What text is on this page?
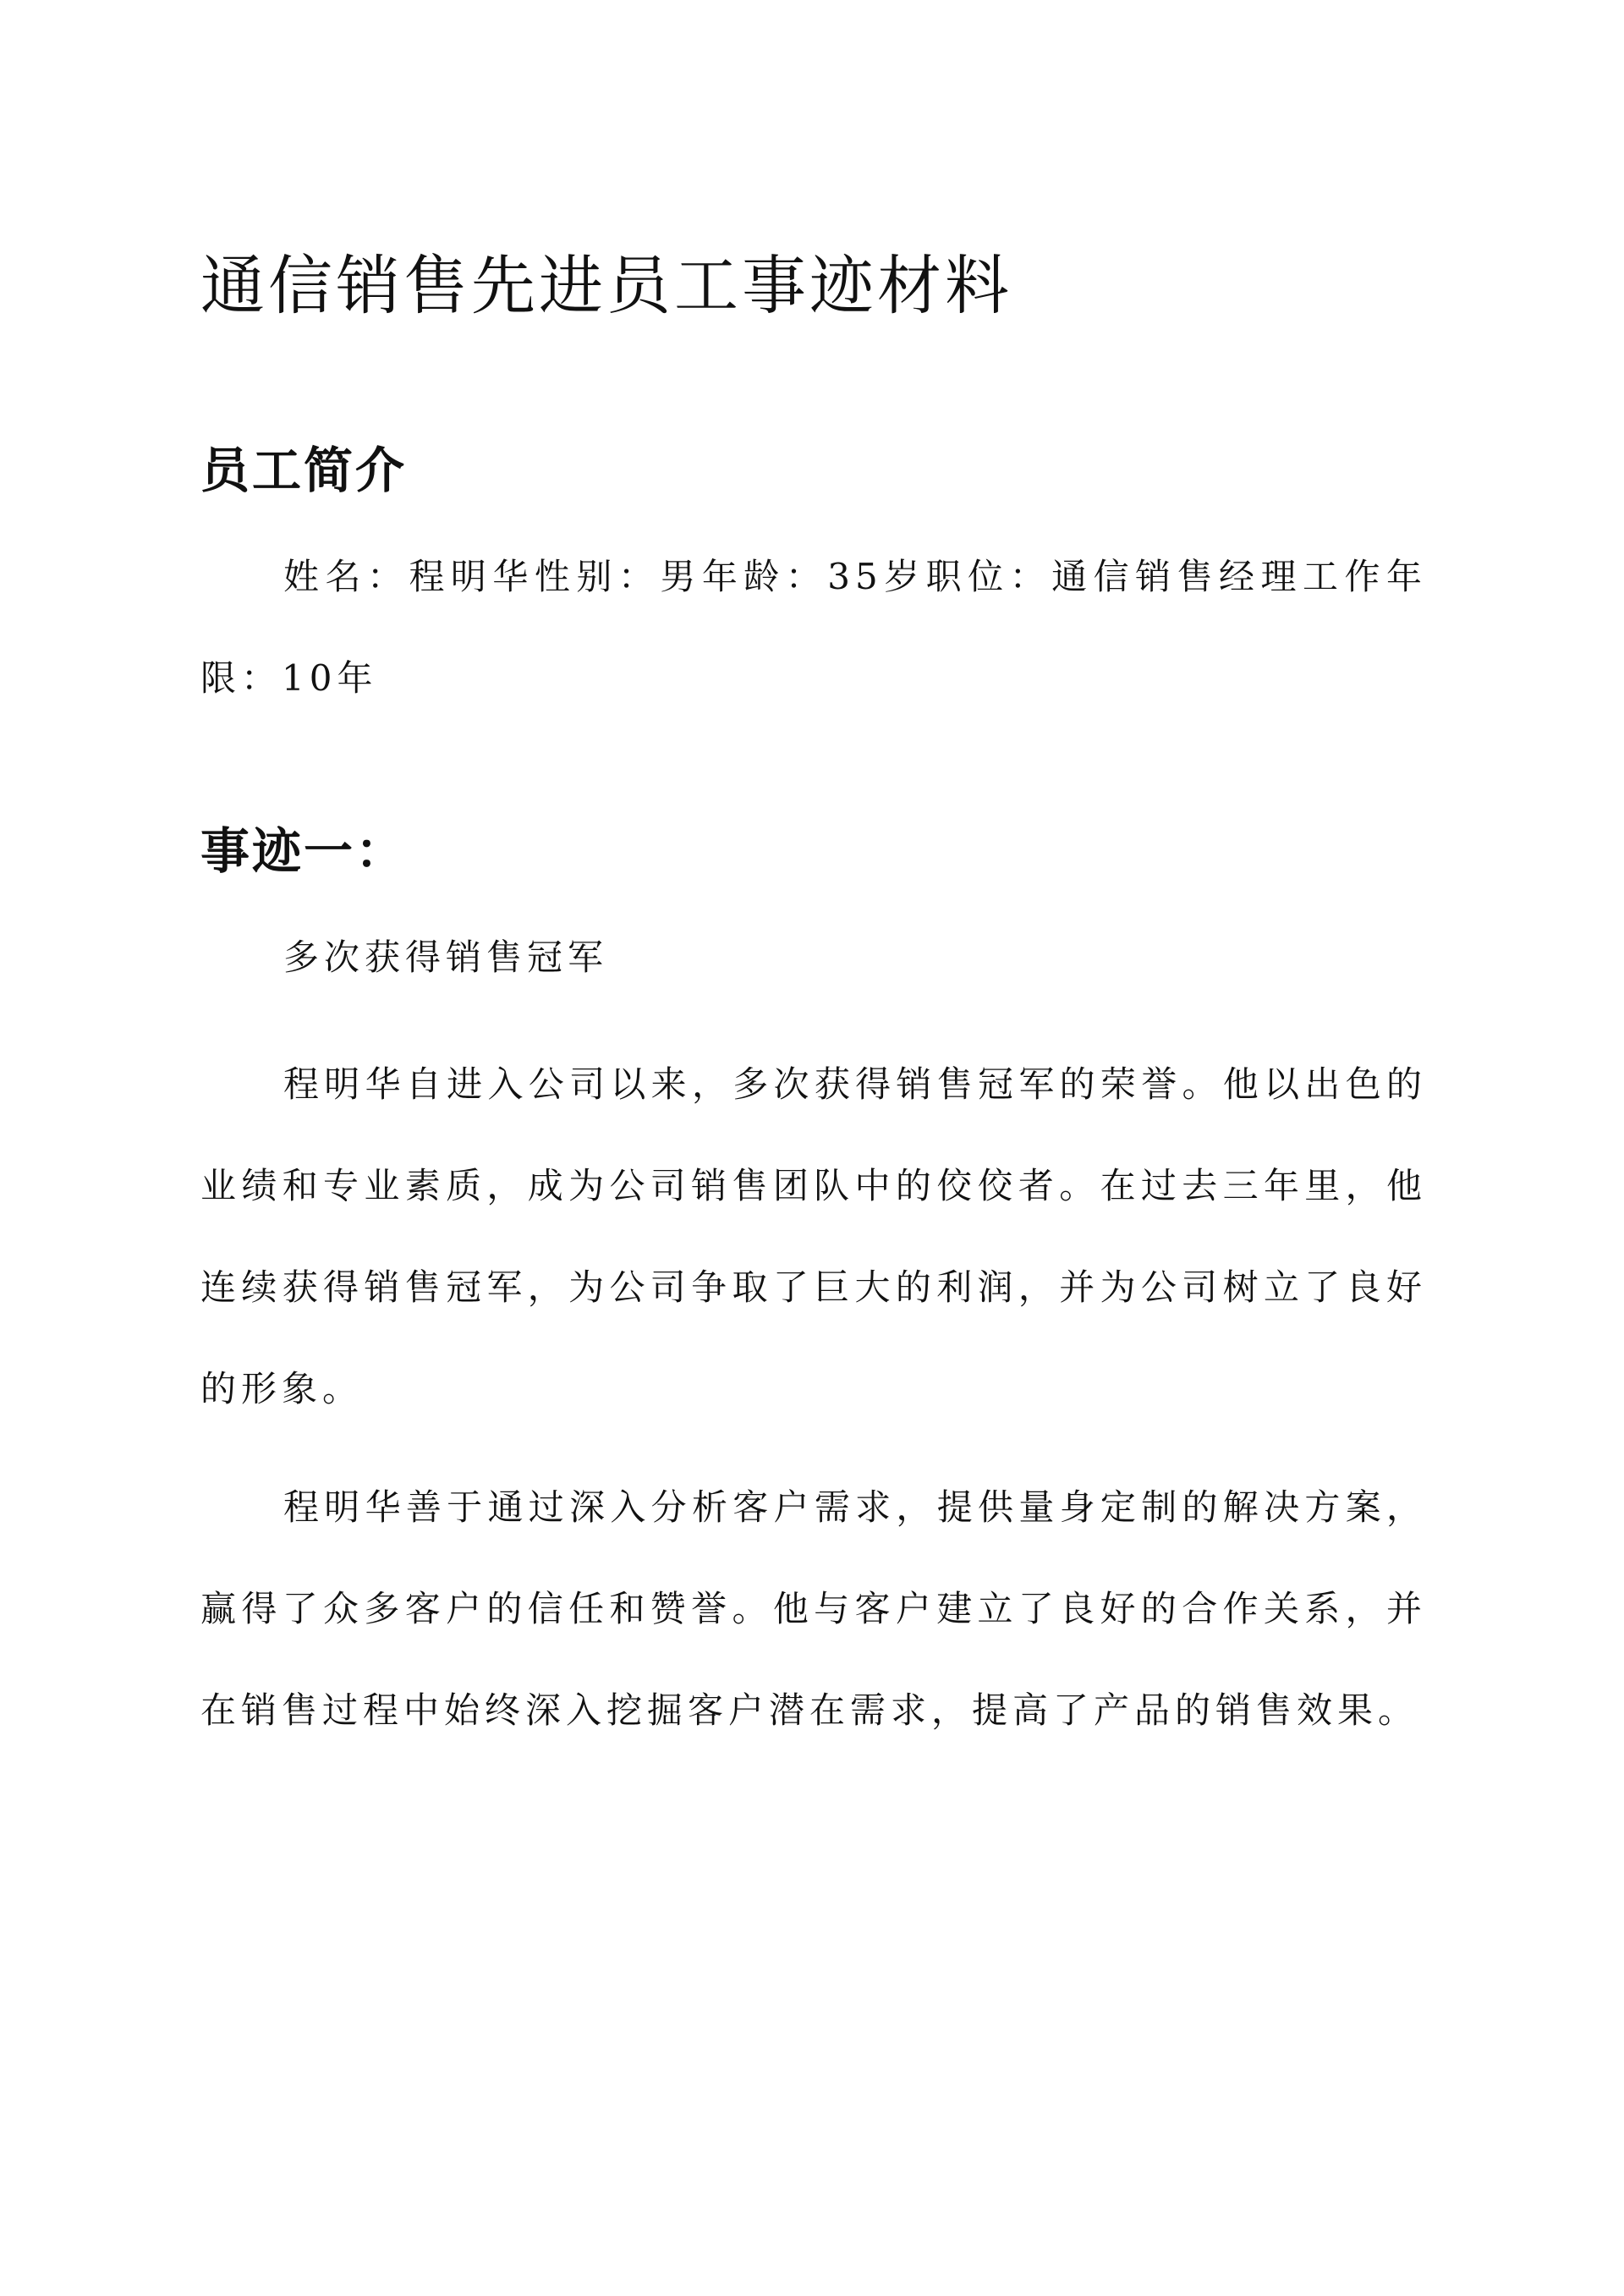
通信销售先进员工事迹材料
员工简介

姓名：程明华性别：男年龄：35岁职位：通信销售经理工作年限：10年

事迹一：

多次获得销售冠军

程明华自进入公司以来，多次获得销售冠军的荣誉。他以出色的业绩和专业素质，成为公司销售团队中的佼佼者。在过去三年里，他连续获得销售冠军，为公司争取了巨大的利润，并为公司树立了良好的形象。

程明华善于通过深入分析客户需求，提供量身定制的解决方案，赢得了众多客户的信任和赞誉。他与客户建立了良好的合作关系，并在销售过程中始终深入挖掘客户潜在需求，提高了产品的销售效果。
